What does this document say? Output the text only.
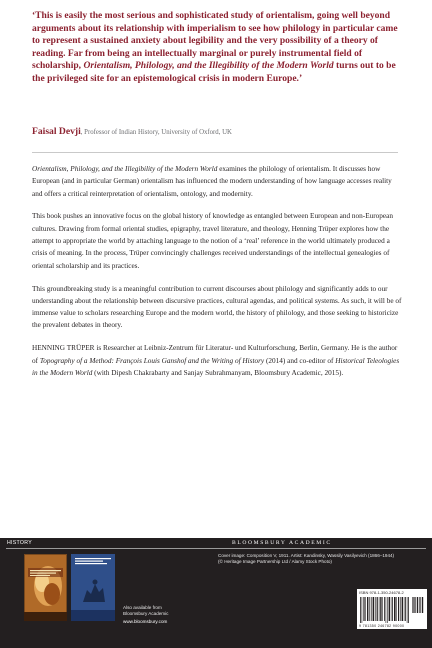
‘This is easily the most serious and sophisticated study of orientalism, going well beyond arguments about its relationship with imperialism to see how philology in particular came to represent a sustained anxiety about legibility and the very possibility of a theory of reading. Far from being an intellectually marginal or purely instrumental field of scholarship, Orientalism, Philology, and the Illegibility of the Modern World turns out to be the privileged site for an epistemological crisis in modern Europe.’
Faisal Devji, Professor of Indian History, University of Oxford, UK

Orientalism, Philology, and the Illegibility of the Modern World examines the philology of orientalism. It discusses how European (and in particular German) orientalism has influenced the modern understanding of how language accesses reality and offers a critical reinterpretation of orientalism, ontology, and modernity.

This book pushes an innovative focus on the global history of knowledge as entangled between European and non-European cultures. Drawing from formal oriental studies, epigraphy, travel literature, and theology, Henning Trüper explores how the attempt to appropriate the world by attaching language to the notion of a ‘real’ reference in the world ultimately produced a crisis of meaning. In the process, Trüper convincingly challenges received understandings of the intellectual genealogies of oriental scholarship and its practices.

This groundbreaking study is a meaningful contribution to current discourses about philology and significantly adds to our understanding about the relationship between discursive practices, cultural agendas, and political systems. As such, it will be of immense value to scholars researching Europe and the modern world, the history of philology, and those seeking to historicize the prevalent debates in theory.

HENNING TRÜPER is Researcher at Leibniz-Zentrum für Literatur- und Kulturforschung, Berlin, Germany. He is the author of Topography of a Method: François Louis Ganshof and the Writing of History (2014) and co-editor of Historical Teleologies in the Modern World (with Dipesh Chakrabarty and Sanjay Subrahmanyam, Bloomsbury Academic, 2015).

HISTORY	BLOOMSBURY ACADEMIC
Cover image: Composition V, 1911. Artist: Kandinsky, Wassily Vasilyevich (1866–1944)
(© Heritage Image Partnership Ltd / Alamy Stock Photo)
Also available from Bloomsbury Academic
www.bloomsbury.com
ISBN 978-1-350-24678-2
9 781350 246782 90000
